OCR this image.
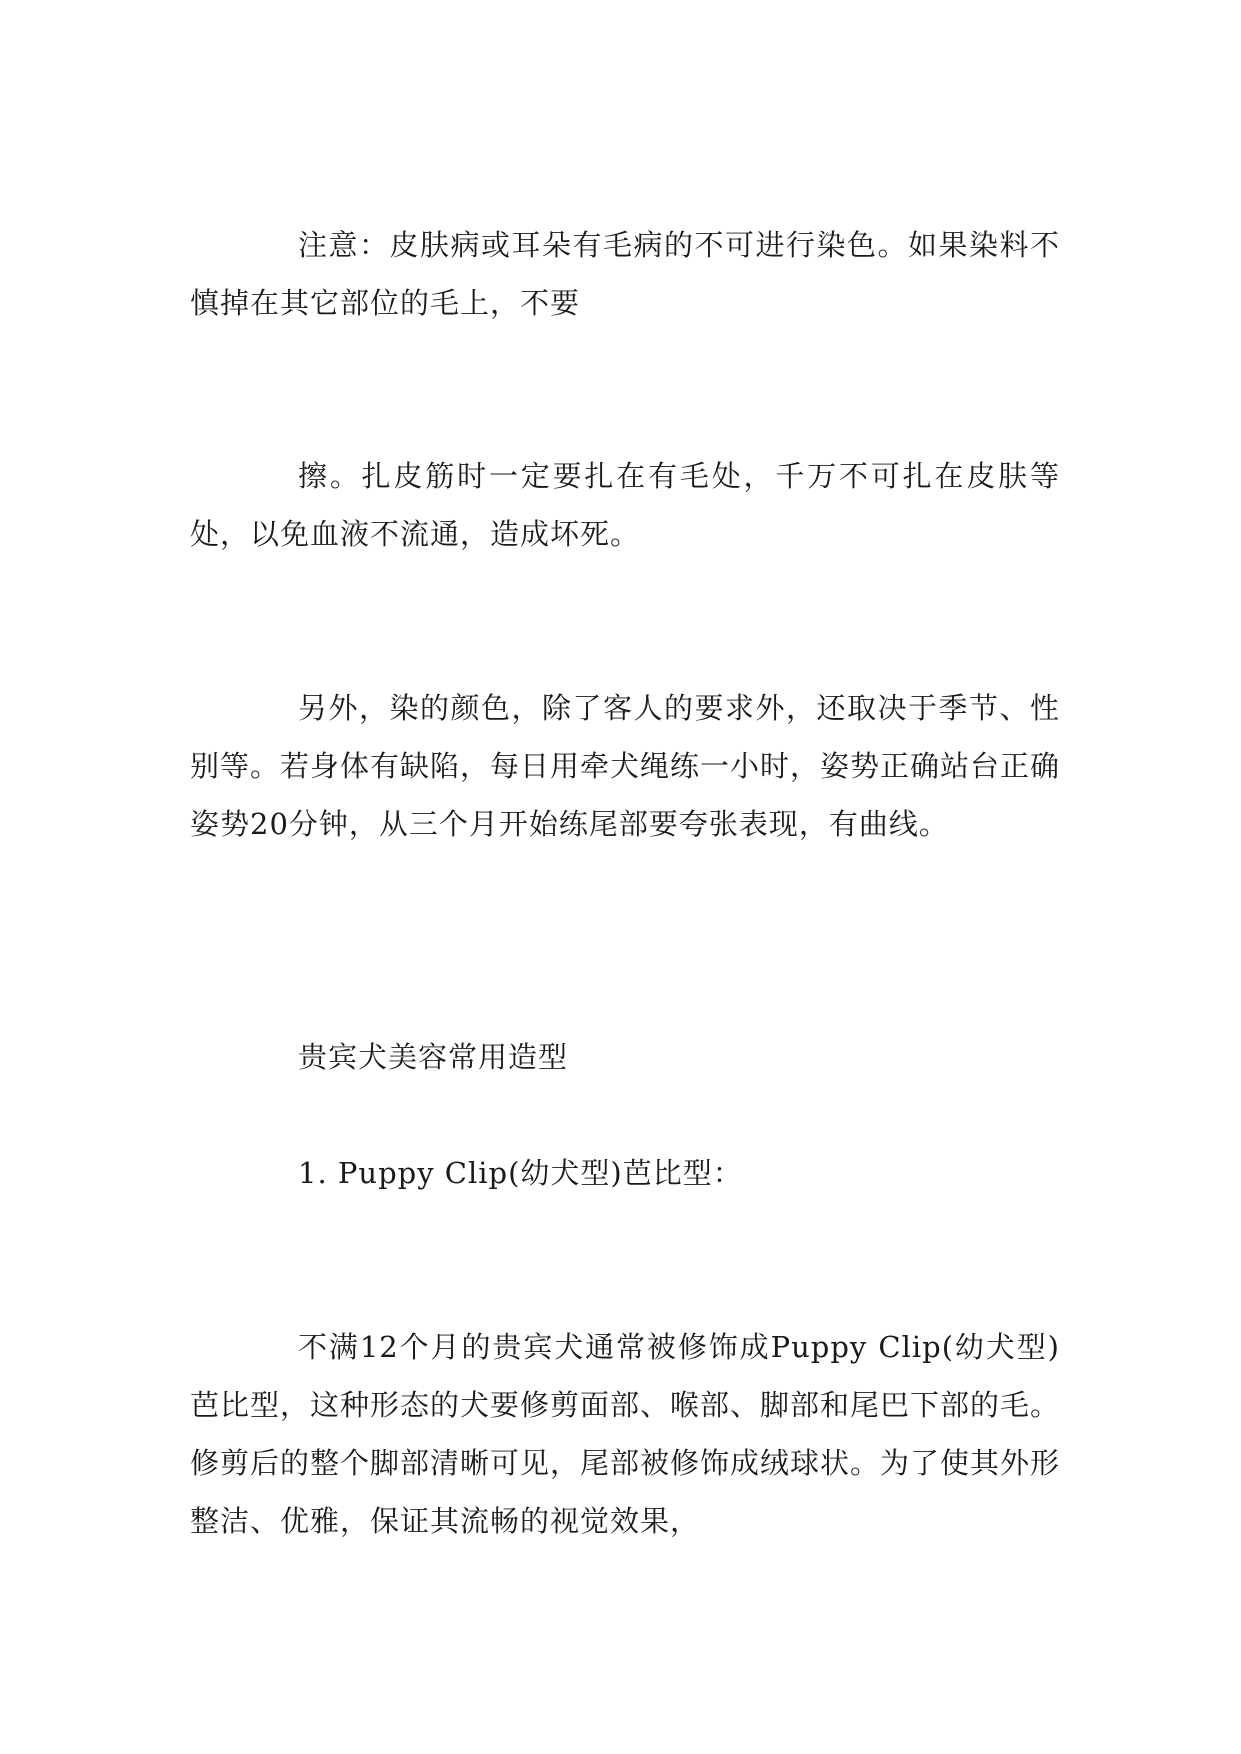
注意：皮肤病或耳朵有毛病的不可进行染色。如果染料不慎掉在其它部位的毛上，不要

擦。扎皮筋时一定要扎在有毛处，千万不可扎在皮肤等处，以免血液不流通，造成坏死。

另外，染的颜色，除了客人的要求外，还取决于季节、性别等。若身体有缺陷，每日用牵犬绳练一小时，姿势正确站台正确姿势20分钟，从三个月开始练尾部要夸张表现，有曲线。

贵宾犬美容常用造型

1. Puppy Clip(幼犬型)芭比型：

不满12个月的贵宾犬通常被修饰成Puppy Clip(幼犬型)芭比型，这种形态的犬要修剪面部、喉部、脚部和尾巴下部的毛。修剪后的整个脚部清晰可见，尾部被修饰成绒球状。为了使其外形整洁、优雅，保证其流畅的视觉效果，
